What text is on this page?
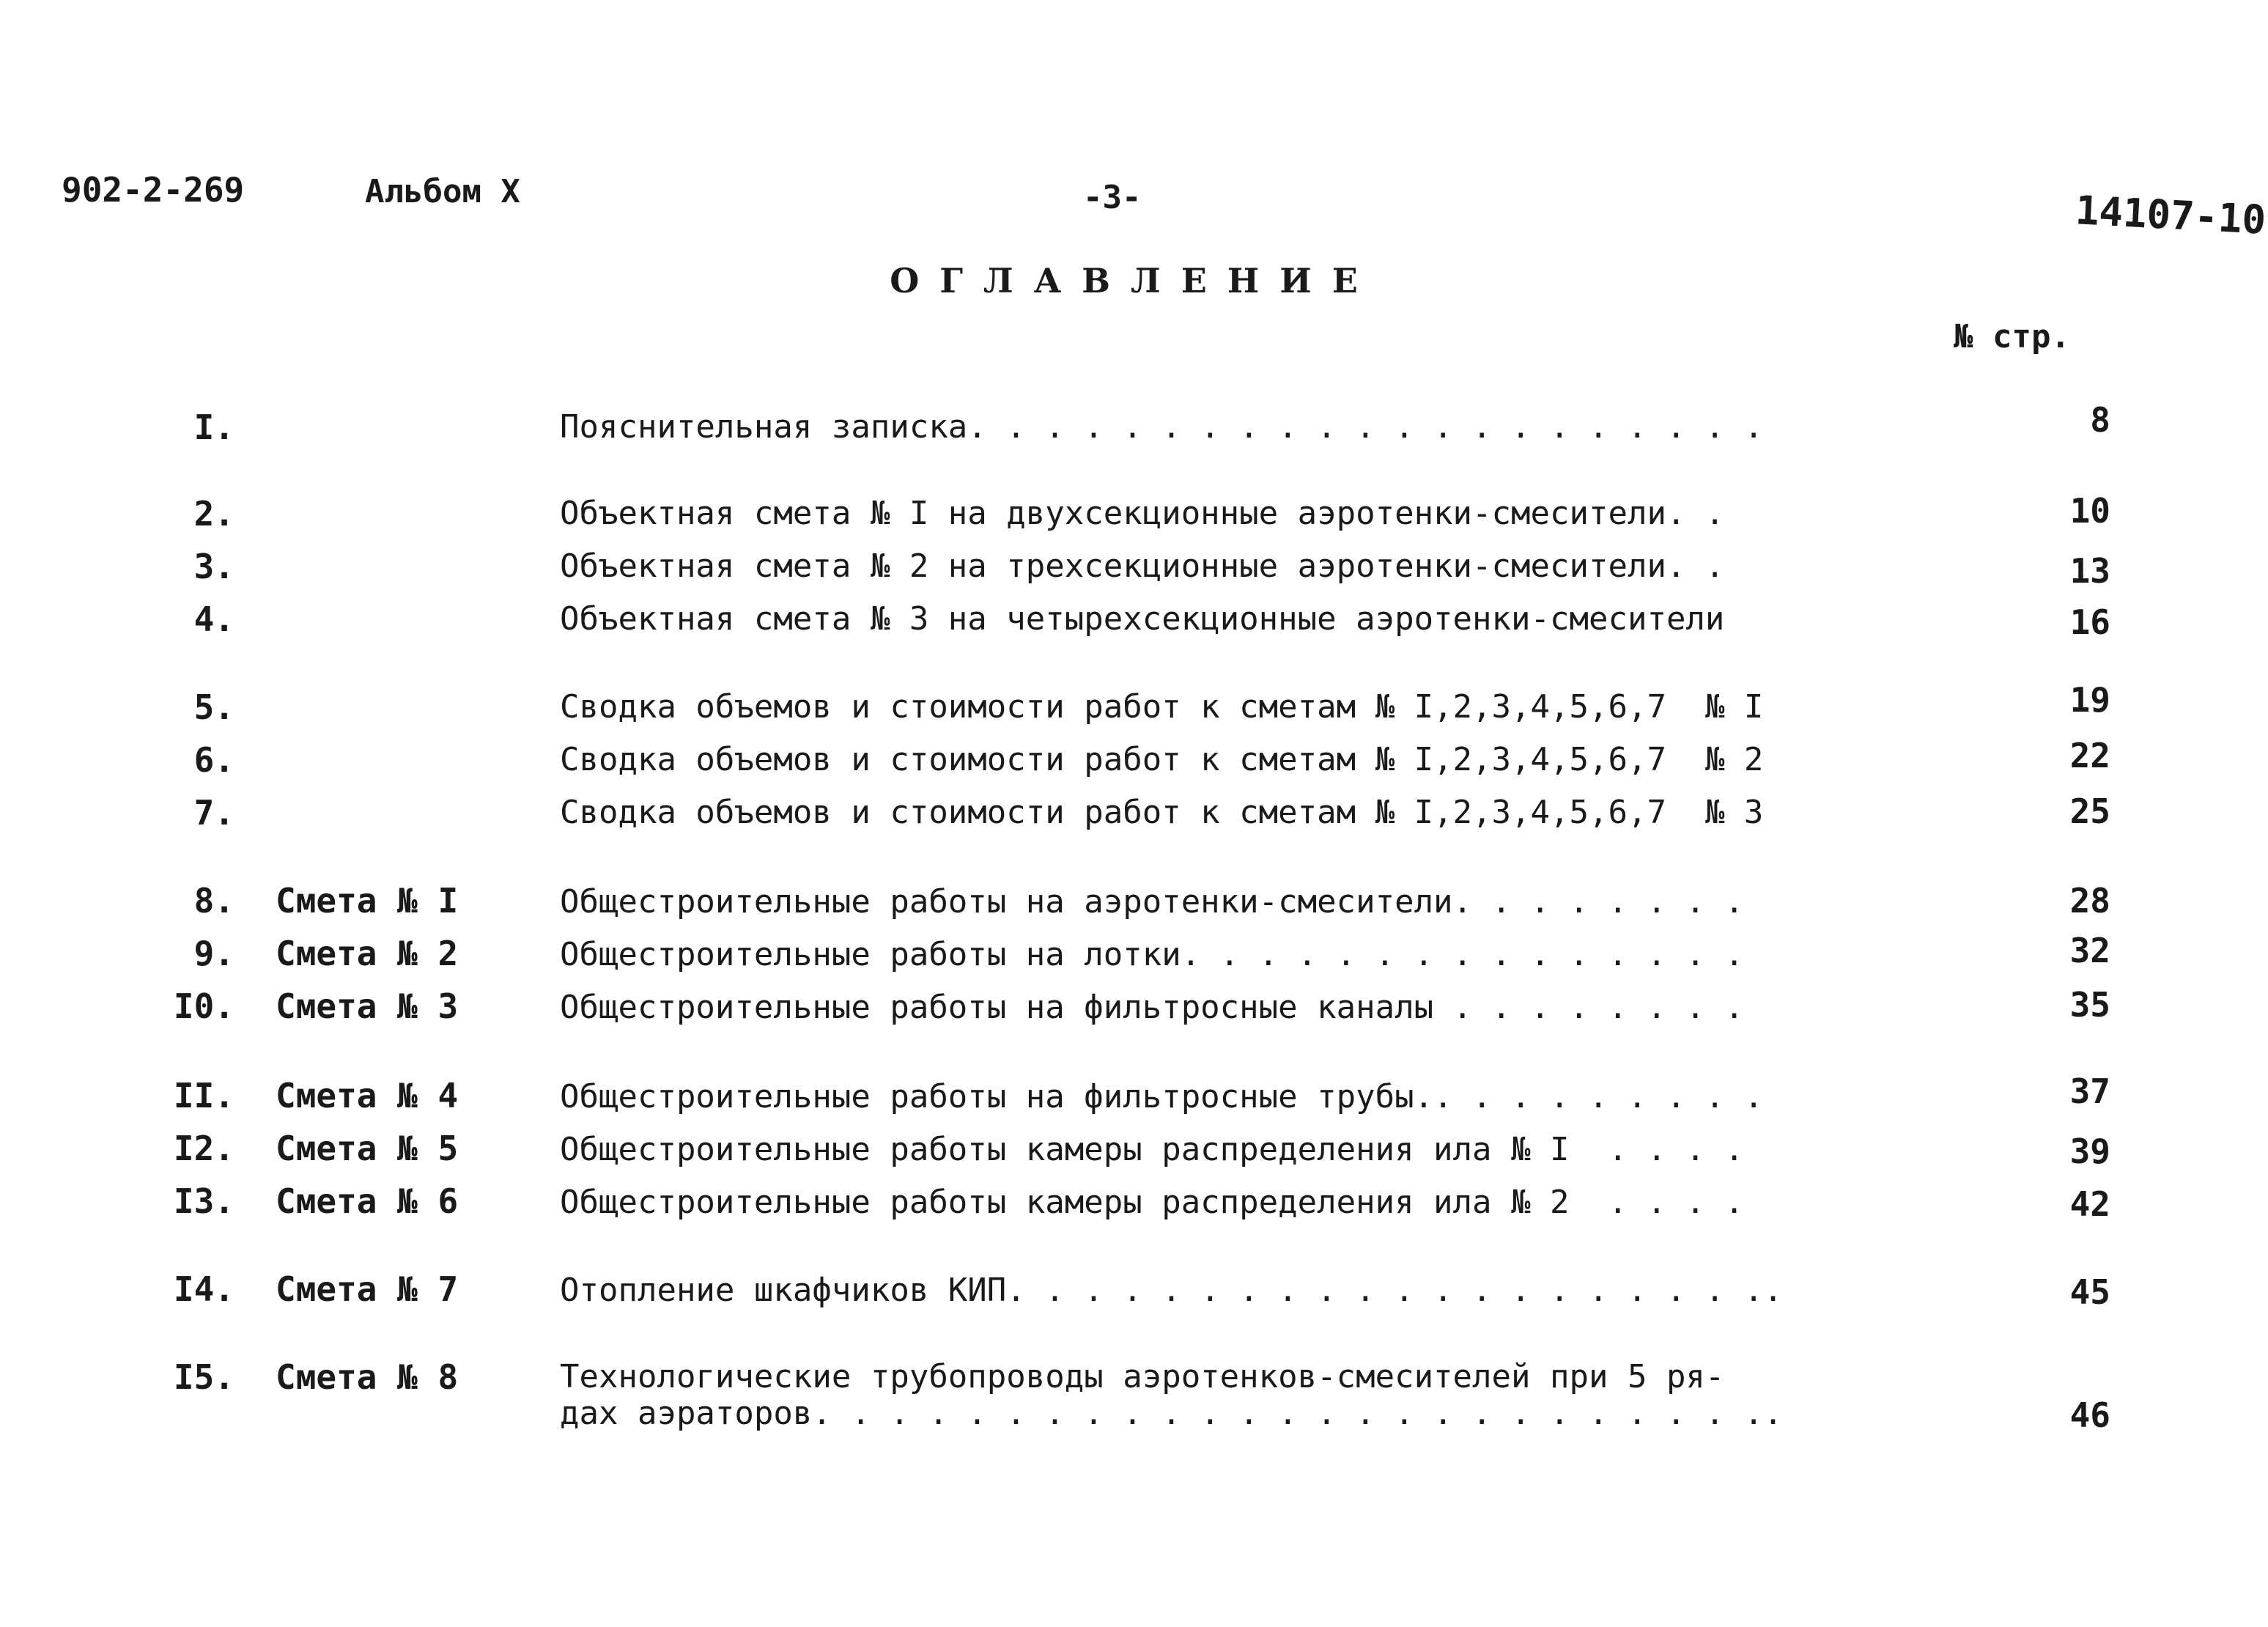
902-2-269	Альбом X	-3-	14107-10
ОГЛАВЛЕНИЕ
№ стр.
I.	Пояснительная записка. . . . . . . . . . . . . . . . . . . . .	8
2.	Объектная смета № I на двухсекционные аэротенки-смесители. .	10
3.	Объектная смета № 2 на трехсекционные аэротенки-смесители. .	13
4.	Объектная смета № 3 на четырехсекционные аэротенки-смесители	16
5.	Сводка объемов и стоимости работ к сметам № I,2,3,4,5,6,7  № I	19
6.	Сводка объемов и стоимости работ к сметам № I,2,3,4,5,6,7  № 2	22
7.	Сводка объемов и стоимости работ к сметам № I,2,3,4,5,6,7  № 3	25
8. Смета № I	Общестроительные работы на аэротенки-смесители. . . . . . . .	28
9. Смета № 2	Общестроительные работы на лотки. . . . . . . . . . . . . . .	32
I0. Смета № 3	Общестроительные работы на фильтросные каналы . . . . . . . .	35
II. Смета № 4	Общестроительные работы на фильтросные трубы.. . . . . . . . .	37
I2. Смета № 5	Общестроительные работы камеры распределения ила № I  . . . .	39
I3. Смета № 6	Общестроительные работы камеры распределения ила № 2  . . . .	42
I4. Смета № 7	Отопление шкафчиков КИП. . . . . . . . . . . . . . . . . . . ..	45
I5. Смета № 8	Технологические трубопроводы аэротенков-смесителей при 5 ря-
дах аэраторов. . . . . . . . . . . . . . . . . . . . . . . . ..	46
